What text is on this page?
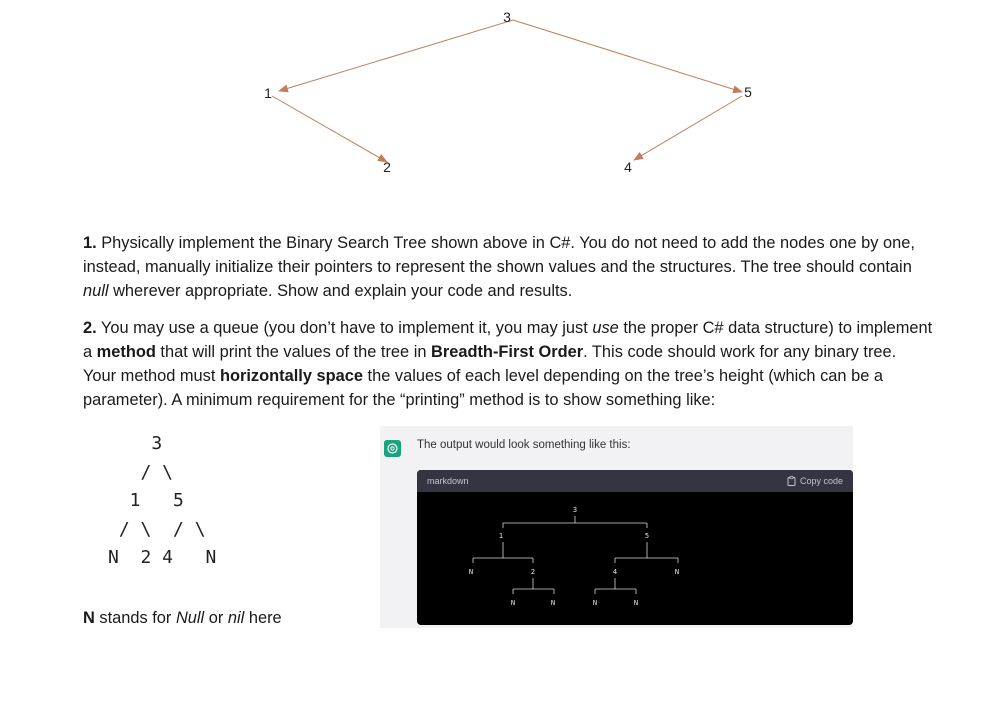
3
1	5
2	4

1. Physically implement the Binary Search Tree shown above in C#. You do not need to add the nodes one by one, instead, manually initialize their pointers to represent the shown values and the structures. The tree should contain null wherever appropriate. Show and explain your code and results.

2. You may use a queue (you don’t have to implement it, you may just use the proper C# data structure) to implement a method that will print the values of the tree in Breadth-First Order. This code should work for any binary tree. Your method must horizontally space the values of each level depending on the tree’s height (which can be a parameter). A minimum requirement for the “printing” method is to show something like:

3
/ \
1   5
/ \  / \
N  2 4   N
N stands for Null or nil here
The output would look something like this:
markdown	Copy code
3
1	5
N	2	4	N
N	N	N	N
